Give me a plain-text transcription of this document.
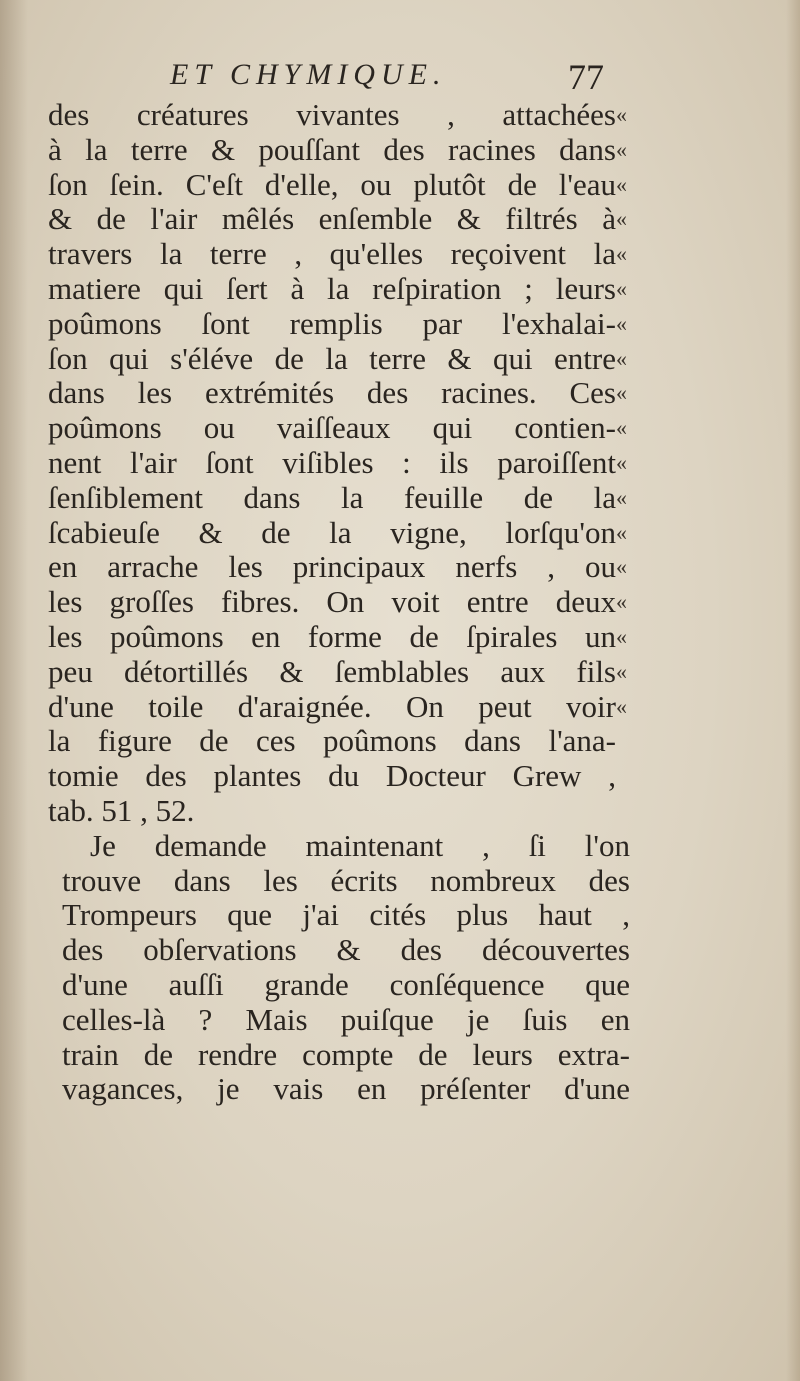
ET CHYMIQUE.	77
des créatures vivantes , attachées «
à la terre & pouſſant des racines dans «
ſon ſein. C'eſt d'elle, ou plutôt de l'eau «
& de l'air mêlés enſemble & filtrés à «
travers la terre , qu'elles reçoivent la «
matiere qui ſert à la reſpiration ; leurs «
poûmons ſont remplis par l'exhalai- «
ſon qui s'éléve de la terre & qui entre «
dans les extrémités des racines. Ces «
poûmons ou vaiſſeaux qui contien- «
nent l'air ſont viſibles : ils paroiſſent «
ſenſiblement dans la feuille de la «
ſcabieuſe & de la vigne, lorſqu'on «
en arrache les principaux nerfs , ou «
les groſſes fibres. On voit entre deux «
les poûmons en forme de ſpirales un «
peu détortillés & ſemblables aux fils «
d'une toile d'araignée. On peut voir «
la figure de ces poûmons dans l'ana-
tomie des plantes du Docteur Grew ,
tab. 51 , 52.
Je demande maintenant , ſi l'on
trouve dans les écrits nombreux des
Trompeurs que j'ai cités plus haut ,
des obſervations & des découvertes
d'une auſſi grande conſéquence que
celles-là ? Mais puiſque je ſuis en
train de rendre compte de leurs extra-
vagances, je vais en préſenter d'une
